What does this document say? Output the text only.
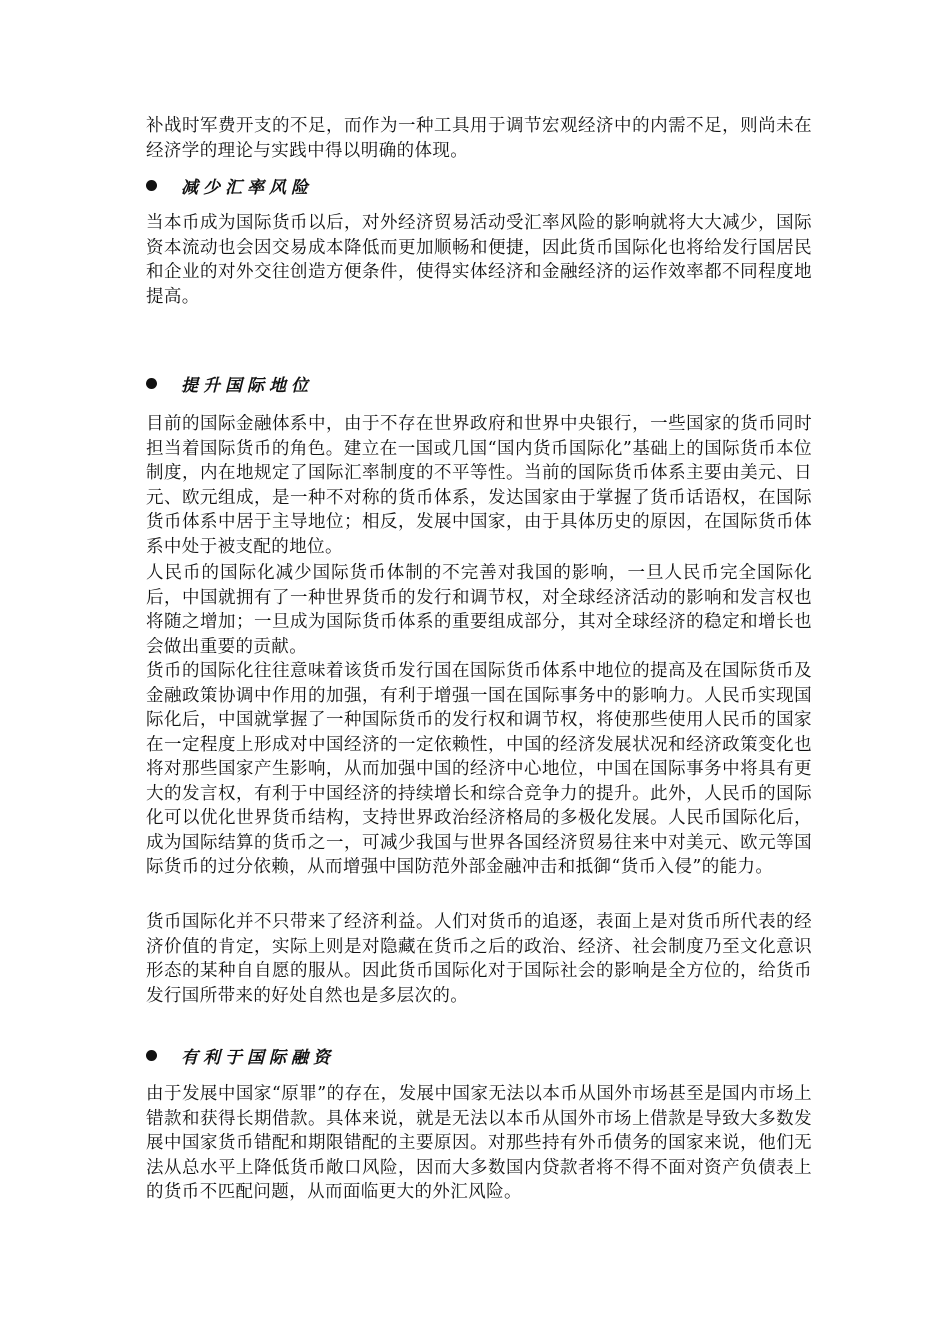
补战时军费开支的不足，而作为一种工具用于调节宏观经济中的内需不足，则尚未在经济学的理论与实践中得以明确的体现。

减少汇率风险

当本币成为国际货币以后，对外经济贸易活动受汇率风险的影响就将大大减少，国际资本流动也会因交易成本降低而更加顺畅和便捷，因此货币国际化也将给发行国居民和企业的对外交往创造方便条件，使得实体经济和金融经济的运作效率都不同程度地提高。

提升国际地位

目前的国际金融体系中，由于不存在世界政府和世界中央银行，一些国家的货币同时担当着国际货币的角色。建立在一国或几国“国内货币国际化”基础上的国际货币本位制度，内在地规定了国际汇率制度的不平等性。当前的国际货币体系主要由美元、日元、欧元组成，是一种不对称的货币体系，发达国家由于掌握了货币话语权，在国际货币体系中居于主导地位；相反，发展中国家，由于具体历史的原因，在国际货币体系中处于被支配的地位。

人民币的国际化减少国际货币体制的不完善对我国的影响，一旦人民币完全国际化后，中国就拥有了一种世界货币的发行和调节权，对全球经济活动的影响和发言权也将随之增加；一旦成为国际货币体系的重要组成部分，其对全球经济的稳定和增长也会做出重要的贡献。

货币的国际化往往意味着该货币发行国在国际货币体系中地位的提高及在国际货币及金融政策协调中作用的加强，有利于增强一国在国际事务中的影响力。人民币实现国际化后，中国就掌握了一种国际货币的发行权和调节权，将使那些使用人民币的国家在一定程度上形成对中国经济的一定依赖性，中国的经济发展状况和经济政策变化也将对那些国家产生影响，从而加强中国的经济中心地位，中国在国际事务中将具有更大的发言权，有利于中国经济的持续增长和综合竞争力的提升。此外，人民币的国际化可以优化世界货币结构，支持世界政治经济格局的多极化发展。人民币国际化后，成为国际结算的货币之一，可减少我国与世界各国经济贸易往来中对美元、欧元等国际货币的过分依赖，从而增强中国防范外部金融冲击和抵御“货币入侵”的能力。

货币国际化并不只带来了经济利益。人们对货币的追逐，表面上是对货币所代表的经济价值的肯定，实际上则是对隐藏在货币之后的政治、经济、社会制度乃至文化意识形态的某种自自愿的服从。因此货币国际化对于国际社会的影响是全方位的，给货币发行国所带来的好处自然也是多层次的。

有利于国际融资

由于发展中国家“原罪”的存在，发展中国家无法以本币从国外市场甚至是国内市场上错款和获得长期借款。具体来说，就是无法以本币从国外市场上借款是导致大多数发展中国家货币错配和期限错配的主要原因。对那些持有外币债务的国家来说，他们无法从总水平上降低货币敞口风险，因而大多数国内贷款者将不得不面对资产负债表上的货币不匹配问题，从而面临更大的外汇风险。
